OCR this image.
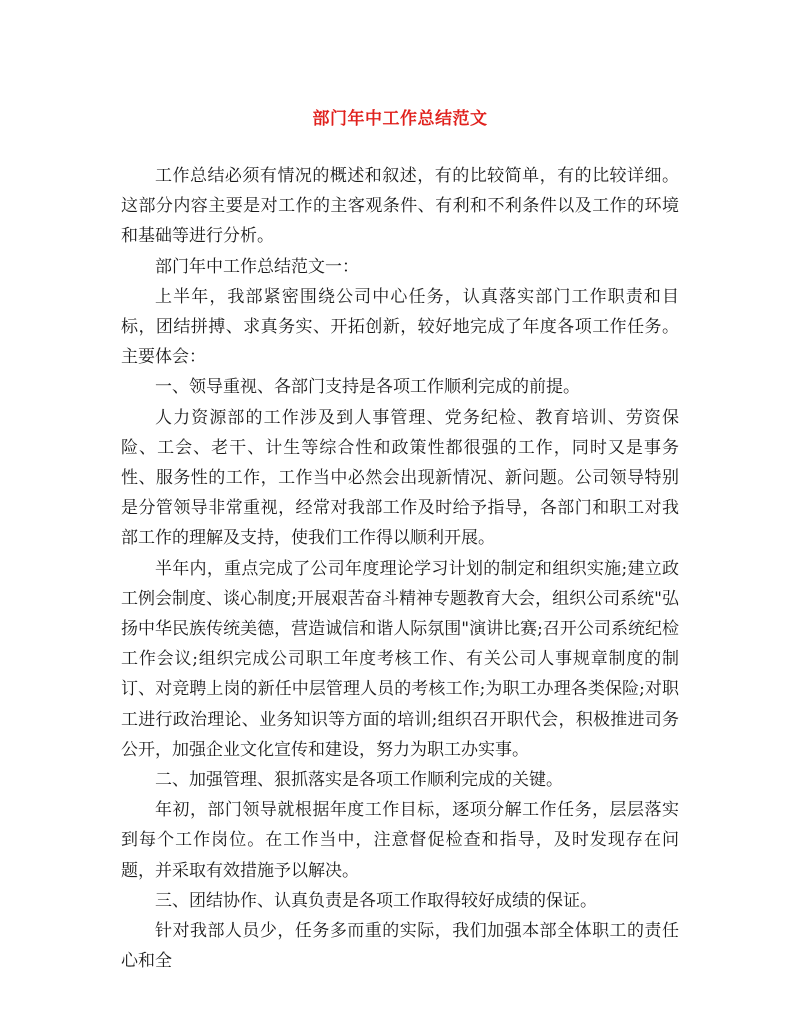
部门年中工作总结范文

工作总结必须有情况的概述和叙述，有的比较简单，有的比较详细。这部分内容主要是对工作的主客观条件、有利和不利条件以及工作的环境和基础等进行分析。

部门年中工作总结范文一：

上半年，我部紧密围绕公司中心任务，认真落实部门工作职责和目标，团结拼搏、求真务实、开拓创新，较好地完成了年度各项工作任务。主要体会：

一、领导重视、各部门支持是各项工作顺利完成的前提。

人力资源部的工作涉及到人事管理、党务纪检、教育培训、劳资保险、工会、老干、计生等综合性和政策性都很强的工作，同时又是事务性、服务性的工作，工作当中必然会出现新情况、新问题。公司领导特别是分管领导非常重视，经常对我部工作及时给予指导，各部门和职工对我部工作的理解及支持，使我们工作得以顺利开展。

半年内，重点完成了公司年度理论学习计划的制定和组织实施;建立政工例会制度、谈心制度;开展艰苦奋斗精神专题教育大会，组织公司系统"弘扬中华民族传统美德，营造诚信和谐人际氛围"演讲比赛;召开公司系统纪检工作会议;组织完成公司职工年度考核工作、有关公司人事规章制度的制订、对竞聘上岗的新任中层管理人员的考核工作;为职工办理各类保险;对职工进行政治理论、业务知识等方面的培训;组织召开职代会，积极推进司务公开，加强企业文化宣传和建设，努力为职工办实事。

二、加强管理、狠抓落实是各项工作顺利完成的关键。

年初，部门领导就根据年度工作目标，逐项分解工作任务，层层落实到每个工作岗位。在工作当中，注意督促检查和指导，及时发现存在问题，并采取有效措施予以解决。

三、团结协作、认真负责是各项工作取得较好成绩的保证。

针对我部人员少，任务多而重的实际，我们加强本部全体职工的责任心和全
